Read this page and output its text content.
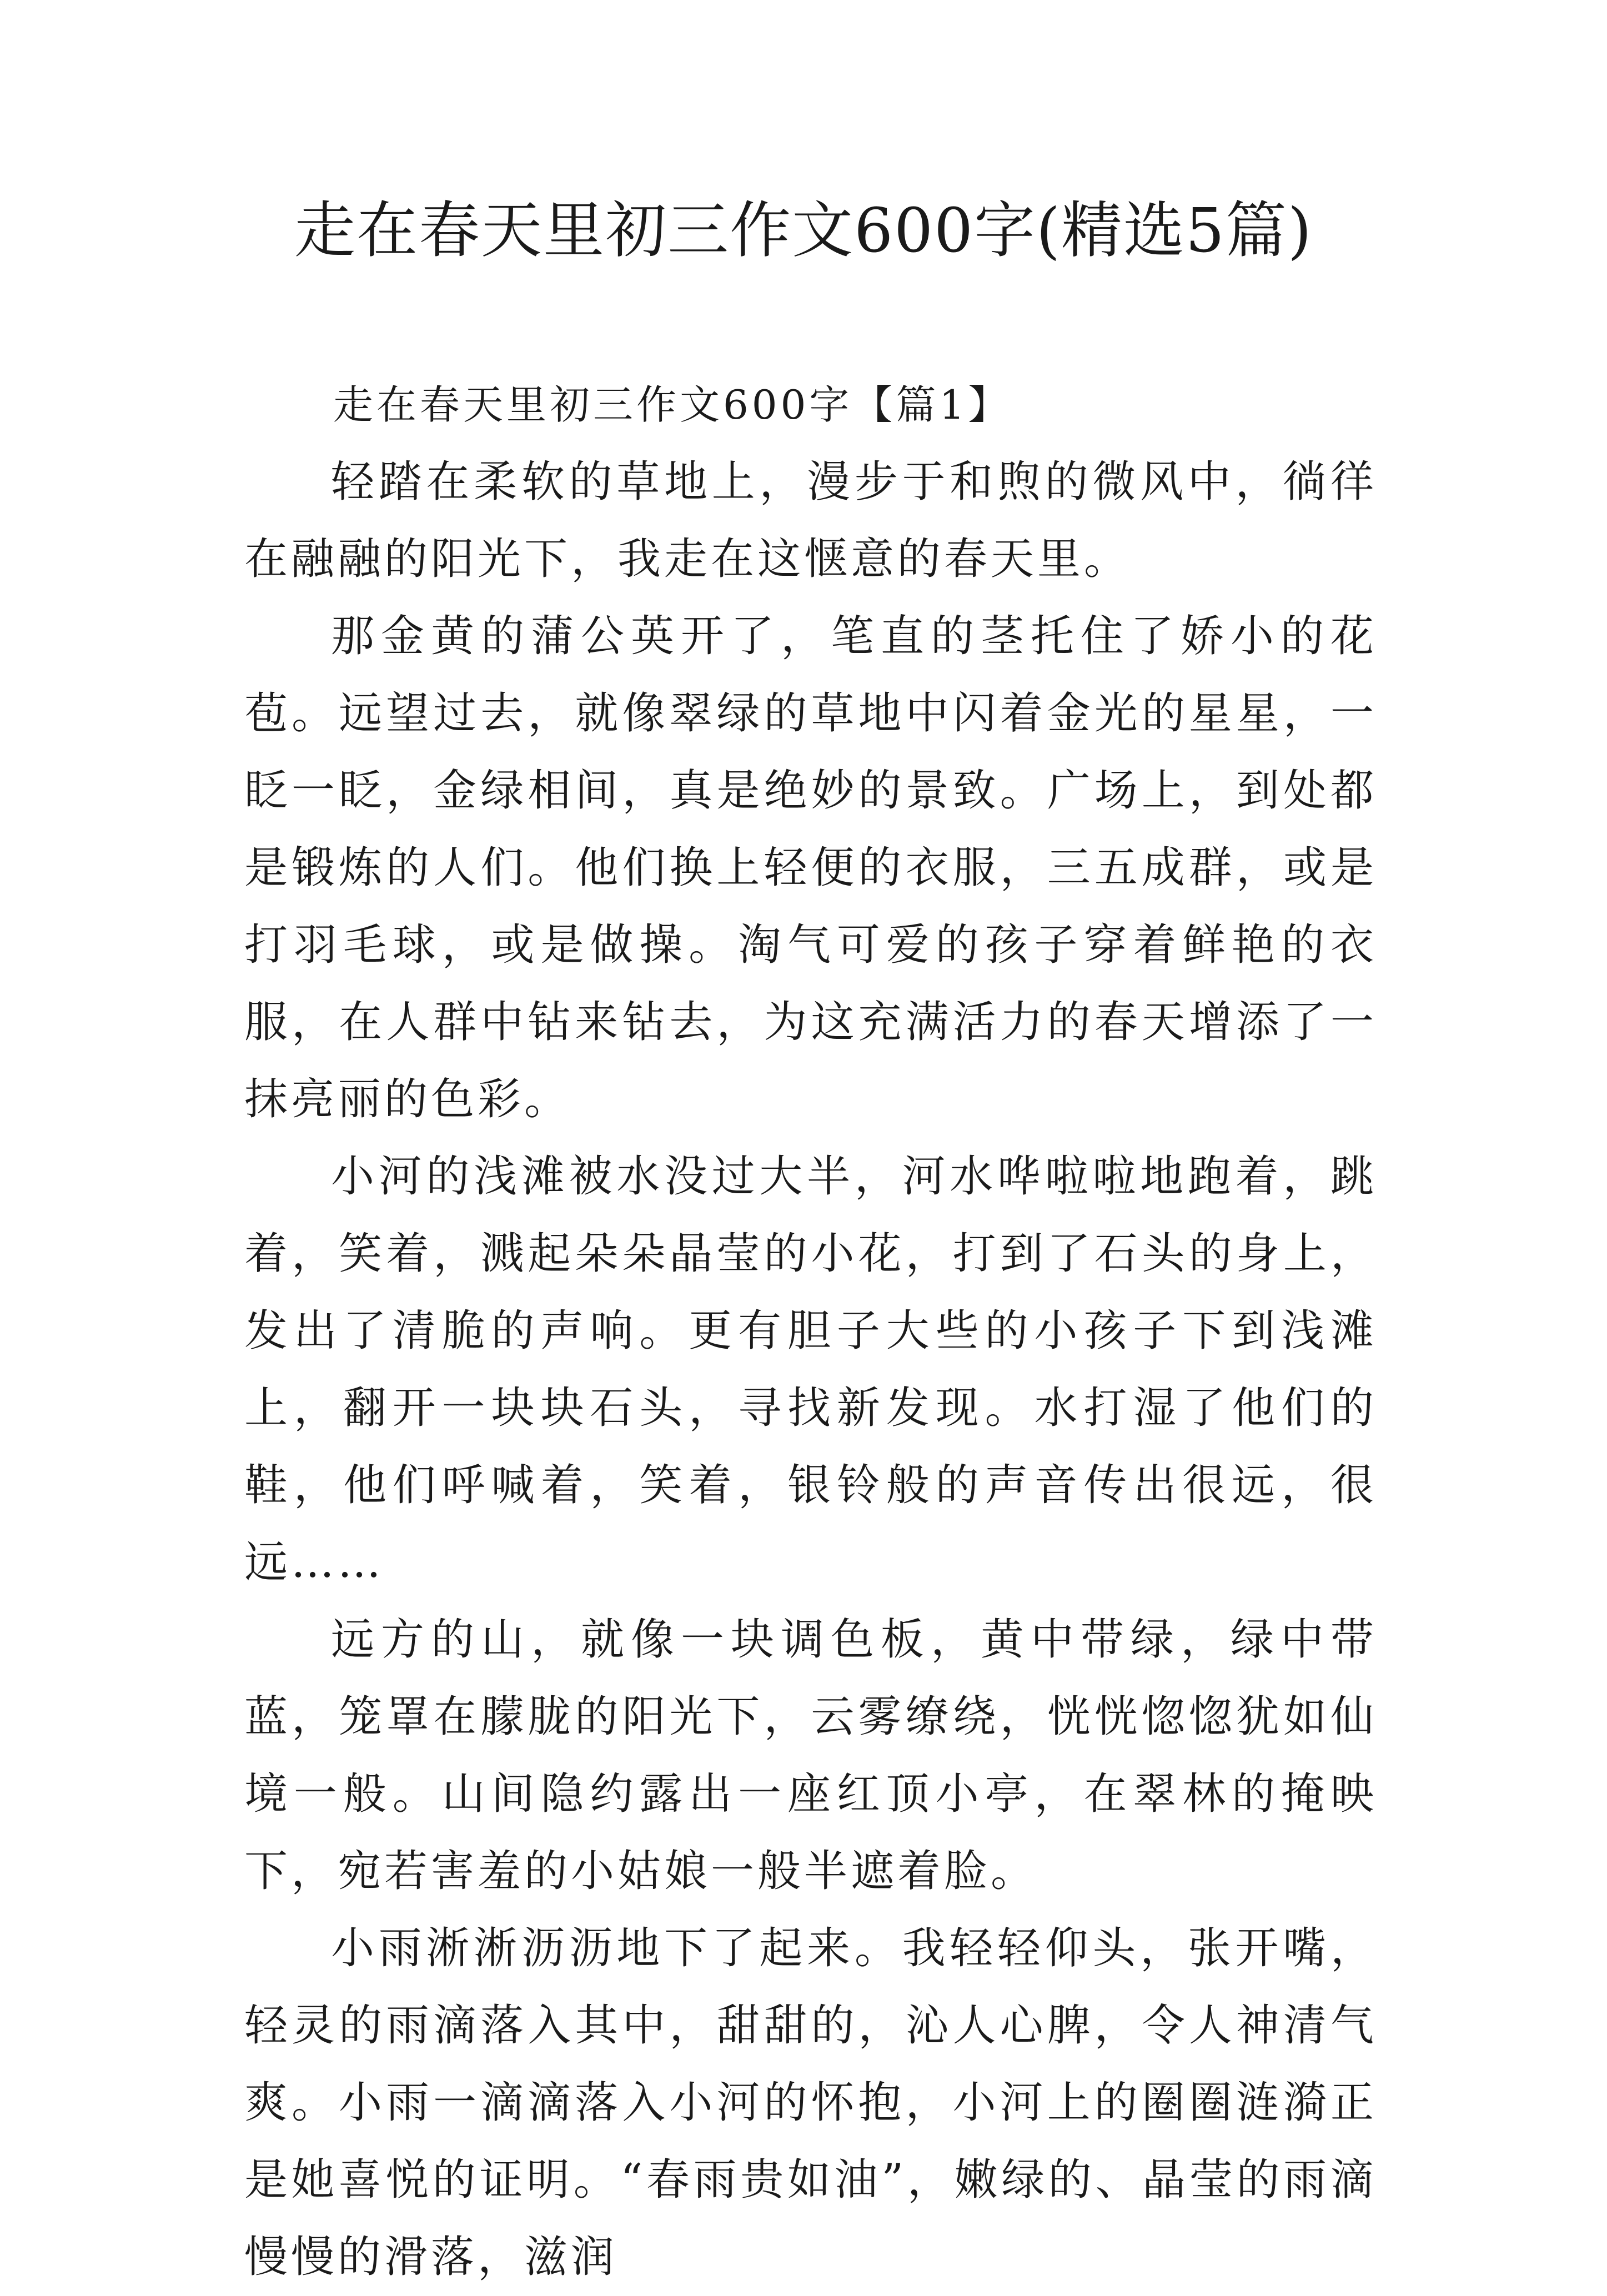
走在春天里初三作文600字(精选5篇)
走在春天里初三作文600字【篇1】

轻踏在柔软的草地上，漫步于和煦的微风中，徜徉在融融的阳光下，我走在这惬意的春天里。

那金黄的蒲公英开了，笔直的茎托住了娇小的花苞。远望过去，就像翠绿的草地中闪着金光的星星，一眨一眨，金绿相间，真是绝妙的景致。广场上，到处都是锻炼的人们。他们换上轻便的衣服，三五成群，或是打羽毛球，或是做操。淘气可爱的孩子穿着鲜艳的衣服，在人群中钻来钻去，为这充满活力的春天增添了一抹亮丽的色彩。

小河的浅滩被水没过大半，河水哗啦啦地跑着，跳着，笑着，溅起朵朵晶莹的小花，打到了石头的身上，发出了清脆的声响。更有胆子大些的小孩子下到浅滩上，翻开一块块石头，寻找新发现。水打湿了他们的鞋，他们呼喊着，笑着，银铃般的声音传出很远，很远……

远方的山，就像一块调色板，黄中带绿，绿中带蓝，笼罩在朦胧的阳光下，云雾缭绕，恍恍惚惚犹如仙境一般。山间隐约露出一座红顶小亭，在翠林的掩映下，宛若害羞的小姑娘一般半遮着脸。

小雨淅淅沥沥地下了起来。我轻轻仰头，张开嘴，轻灵的雨滴落入其中，甜甜的，沁人心脾，令人神清气爽。小雨一滴滴落入小河的怀抱，小河上的圈圈涟漪正是她喜悦的证明。“春雨贵如油”，嫩绿的、晶莹的雨滴慢慢的滑落，滋润
